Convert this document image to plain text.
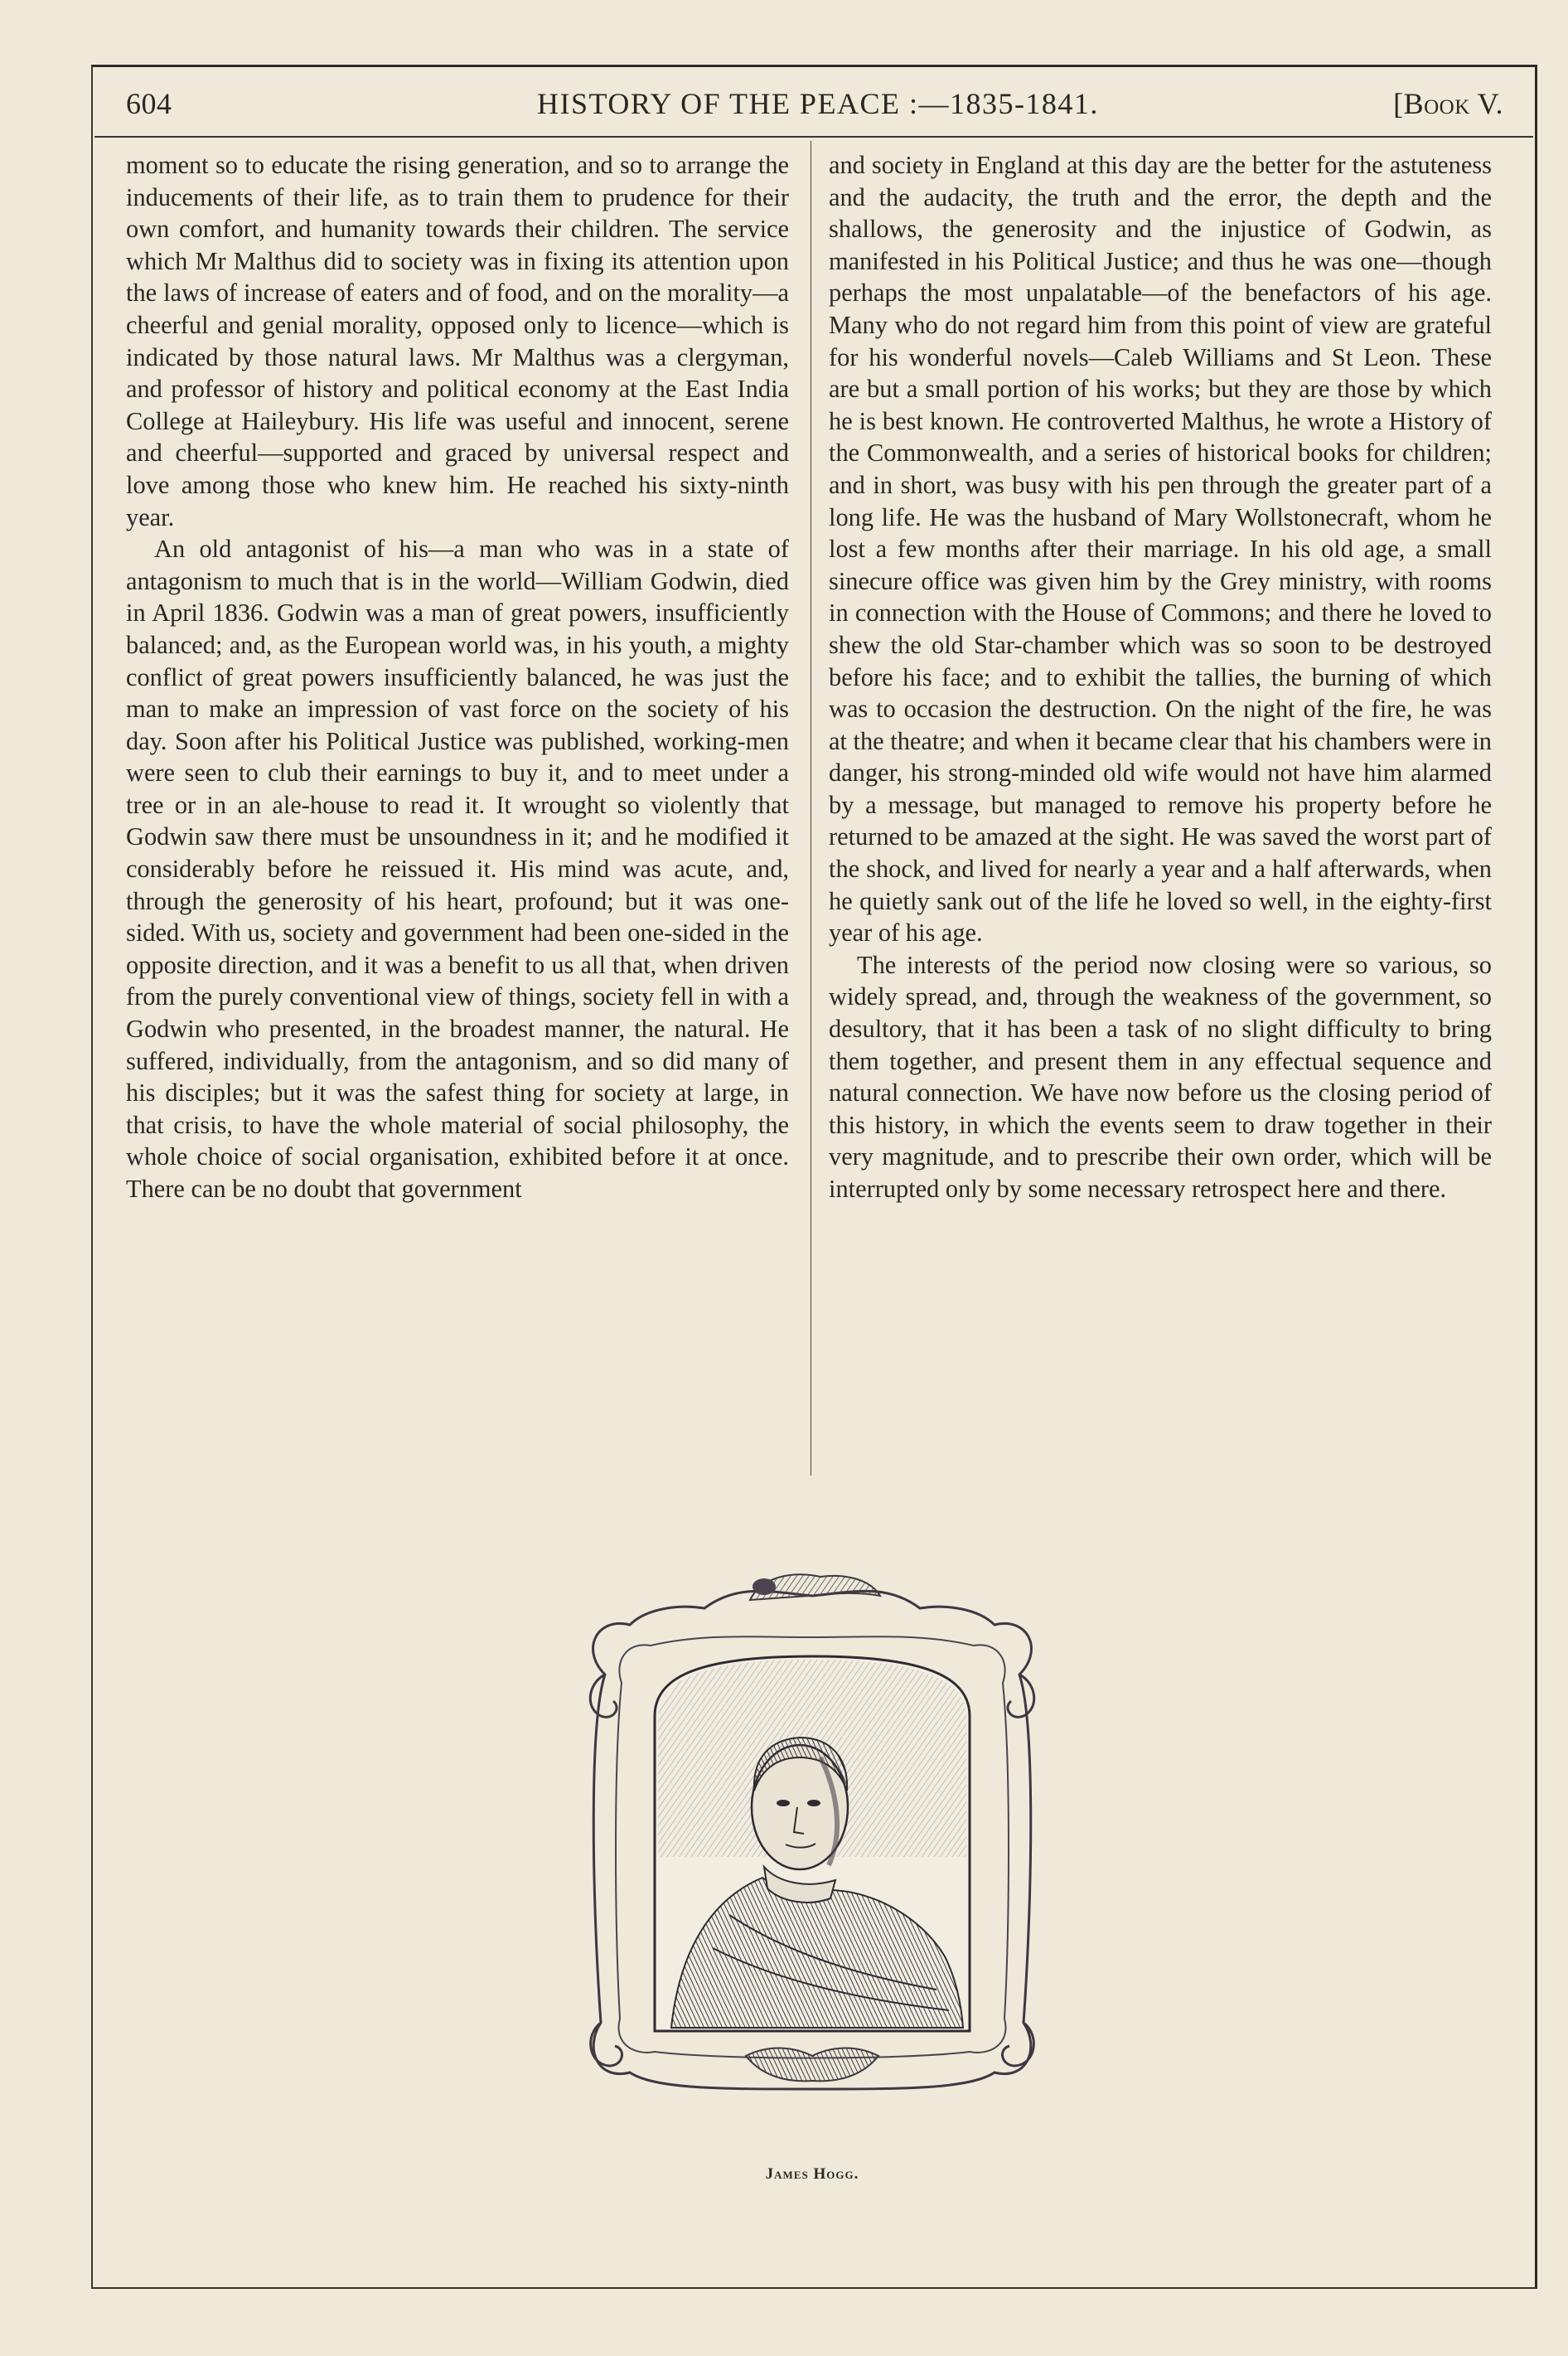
604	HISTORY OF THE PEACE :—1835-1841.	[Book V.

moment so to educate the rising generation, and so to arrange the inducements of their life, as to train them to prudence for their own comfort, and humanity towards their children. The service which Mr Malthus did to society was in fixing its attention upon the laws of increase of eaters and of food, and on the morality—a cheerful and genial morality, opposed only to licence—which is indicated by those natural laws. Mr Malthus was a clergyman, and professor of history and political economy at the East India College at Haileybury. His life was useful and innocent, serene and cheerful—supported and graced by universal respect and love among those who knew him. He reached his sixty-ninth year.

An old antagonist of his—a man who was in a state of antagonism to much that is in the world—William Godwin, died in April 1836. Godwin was a man of great powers, insufficiently balanced; and, as the European world was, in his youth, a mighty conflict of great powers insufficiently balanced, he was just the man to make an impression of vast force on the society of his day. Soon after his Political Justice was published, working-men were seen to club their earnings to buy it, and to meet under a tree or in an ale-house to read it. It wrought so violently that Godwin saw there must be unsoundness in it; and he modified it considerably before he reissued it. His mind was acute, and, through the generosity of his heart, profound; but it was one-sided. With us, society and government had been one-sided in the opposite direction, and it was a benefit to us all that, when driven from the purely conventional view of things, society fell in with a Godwin who presented, in the broadest manner, the natural. He suffered, individually, from the antagonism, and so did many of his disciples; but it was the safest thing for society at large, in that crisis, to have the whole material of social philosophy, the whole choice of social organisation, exhibited before it at once. There can be no doubt that government

and society in England at this day are the better for the astuteness and the audacity, the truth and the error, the depth and the shallows, the generosity and the injustice of Godwin, as manifested in his Political Justice; and thus he was one—though perhaps the most unpalatable—of the benefactors of his age. Many who do not regard him from this point of view are grateful for his wonderful novels—Caleb Williams and St Leon. These are but a small portion of his works; but they are those by which he is best known. He controverted Malthus, he wrote a History of the Commonwealth, and a series of historical books for children; and in short, was busy with his pen through the greater part of a long life. He was the husband of Mary Wollstonecraft, whom he lost a few months after their marriage. In his old age, a small sinecure office was given him by the Grey ministry, with rooms in connection with the House of Commons; and there he loved to shew the old Star-chamber which was so soon to be destroyed before his face; and to exhibit the tallies, the burning of which was to occasion the destruction. On the night of the fire, he was at the theatre; and when it became clear that his chambers were in danger, his strong-minded old wife would not have him alarmed by a message, but managed to remove his property before he returned to be amazed at the sight. He was saved the worst part of the shock, and lived for nearly a year and a half afterwards, when he quietly sank out of the life he loved so well, in the eighty-first year of his age.

The interests of the period now closing were so various, so widely spread, and, through the weakness of the government, so desultory, that it has been a task of no slight difficulty to bring them together, and present them in any effectual sequence and natural connection. We have now before us the closing period of this history, in which the events seem to draw together in their very magnitude, and to prescribe their own order, which will be interrupted only by some necessary retrospect here and there.

James Hogg.
